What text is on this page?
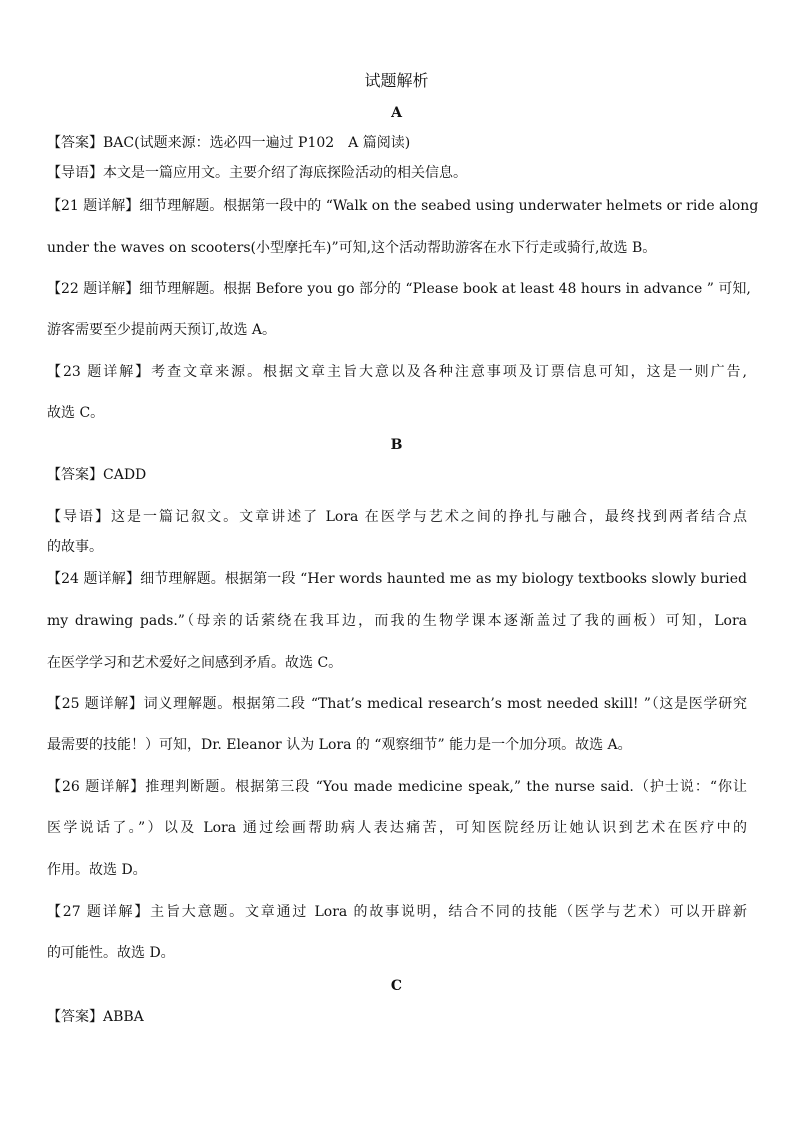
试题解析
A
【答案】BAC(试题来源：选必四一遍过 P102　A 篇阅读)
【导语】本文是一篇应用文。主要介绍了海底探险活动的相关信息。
【21 题详解】细节理解题。根据第一段中的 “Walk on the seabed using underwater helmets or ride along
under the waves on scooters(小型摩托车)”可知,这个活动帮助游客在水下行走或骑行,故选 B。
【22 题详解】细节理解题。根据 Before you go 部分的 “Please book at least 48 hours in advance ” 可知,
游客需要至少提前两天预订,故选 A。
【23 题详解】考查文章来源。根据文章主旨大意以及各种注意事项及订票信息可知，这是一则广告,
故选 C。
B
【答案】CADD
【导语】这是一篇记叙文。文章讲述了 Lora 在医学与艺术之间的挣扎与融合，最终找到两者结合点
的故事。
【24 题详解】细节理解题。根据第一段 “Her words haunted me as my biology textbooks slowly buried
my drawing pads.”（母亲的话萦绕在我耳边，而我的生物学课本逐渐盖过了我的画板）可知，Lora
在医学学习和艺术爱好之间感到矛盾。故选 C。
【25 题详解】词义理解题。根据第二段 “That’s medical research’s most needed skill! ”（这是医学研究
最需要的技能！）可知，Dr. Eleanor 认为 Lora 的 “观察细节” 能力是一个加分项。故选 A。
【26 题详解】推理判断题。根据第三段 “You made medicine speak,” the nurse said.（护士说：“你让
医学说话了。”）以及 Lora 通过绘画帮助病人表达痛苦，可知医院经历让她认识到艺术在医疗中的
作用。故选 D。
【27 题详解】主旨大意题。文章通过 Lora 的故事说明，结合不同的技能（医学与艺术）可以开辟新
的可能性。故选 D。
C
【答案】ABBA
